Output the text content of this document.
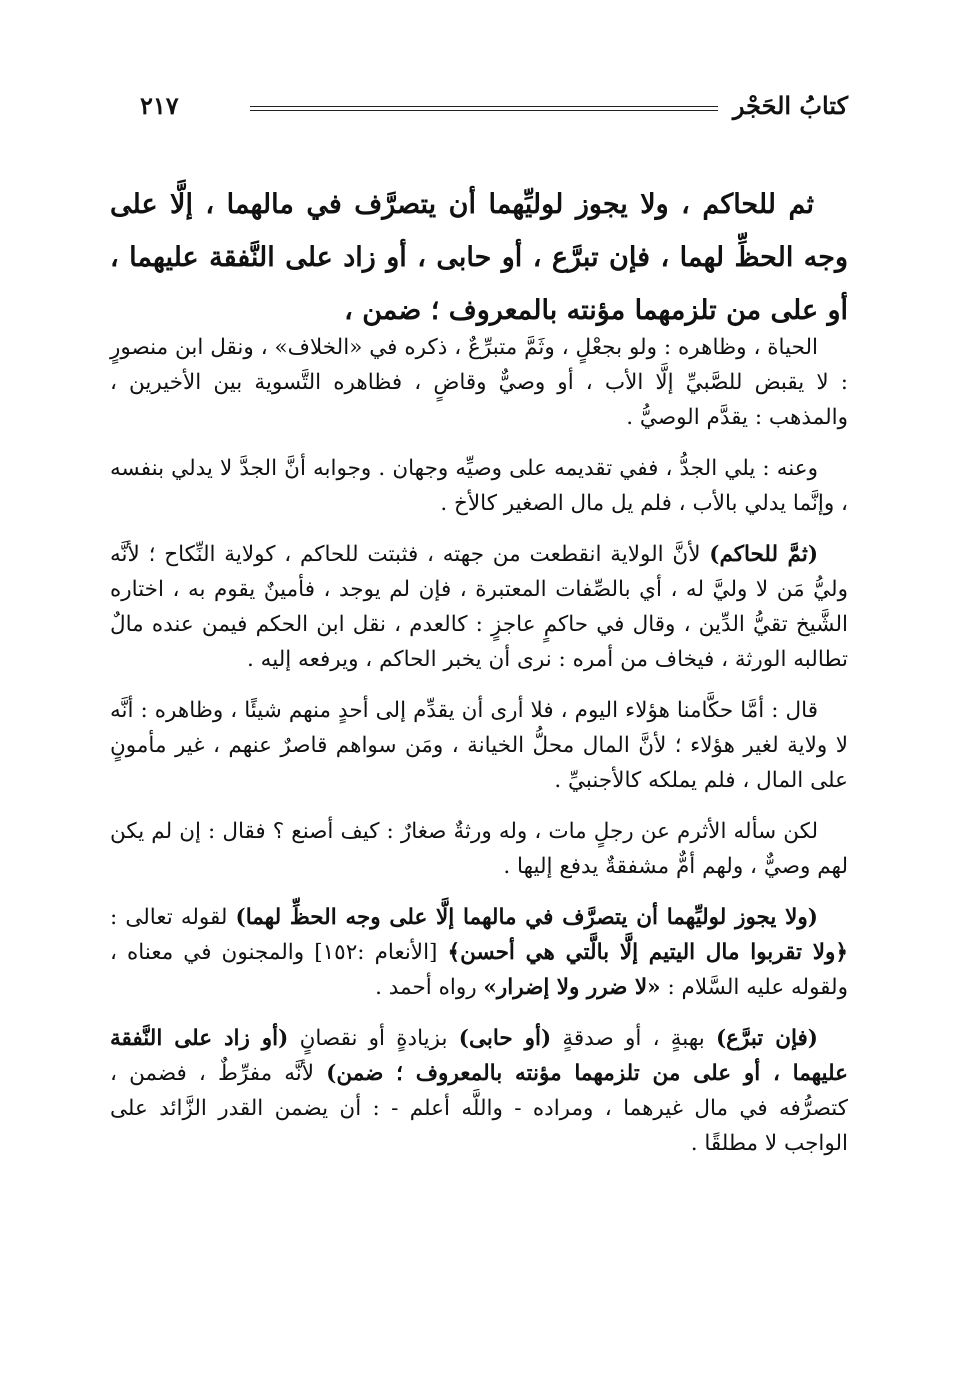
كتابُ الحَجْر
٢١٧

ثم للحاكم ، ولا يجوز لوليِّهما أن يتصرَّف في مالهما ، إلَّا على وجه الحظِّ لهما ، فإن تبرَّع ، أو حابى ، أو زاد على النَّفقة عليهما ، أو على من تلزمهما مؤنته بالمعروف ؛ ضمن ،

الحياة ، وظاهره : ولو بجعْلٍ ، وثَمَّ متبرِّعٌ ، ذكره في «الخلاف» ، ونقل ابن منصورٍ : لا يقبض للصَّبيِّ إلَّا الأب ، أو وصيٌّ وقاضٍ ، فظاهره التَّسوية بين الأخيرين ، والمذهب : يقدَّم الوصيُّ .

وعنه : يلي الجدُّ ، ففي تقديمه على وصيِّه وجهان . وجوابه أنَّ الجدَّ لا يدلي بنفسه ، وإنَّما يدلي بالأب ، فلم يل مال الصغير كالأخ .

(ثمَّ للحاكم) لأنَّ الولاية انقطعت من جهته ، فثبتت للحاكم ، كولاية النِّكاح ؛ لأنَّه وليُّ مَن لا وليَّ له ، أي بالصِّفات المعتبرة ، فإن لم يوجد ، فأمينٌ يقوم به ، اختاره الشَّيخ تقيُّ الدِّين ، وقال في حاكمٍ عاجزٍ : كالعدم ، نقل ابن الحكم فيمن عنده مالٌ تطالبه الورثة ، فيخاف من أمره : نرى أن يخبر الحاكم ، ويرفعه إليه .

قال : أمَّا حكَّامنا هؤلاء اليوم ، فلا أرى أن يقدِّم إلى أحدٍ منهم شيئًا ، وظاهره : أنَّه لا ولاية لغير هؤلاء ؛ لأنَّ المال محلُّ الخيانة ، ومَن سواهم قاصرٌ عنهم ، غير مأمونٍ على المال ، فلم يملكه كالأجنبيِّ .

لكن سأله الأثرم عن رجلٍ مات ، وله ورثةٌ صغارٌ : كيف أصنع ؟ فقال : إن لم يكن لهم وصيٌّ ، ولهم أمٌّ مشفقةٌ يدفع إليها .

(ولا يجوز لوليِّهما أن يتصرَّف في مالهما إلَّا على وجه الحظِّ لهما) لقوله تعالى : ﴿ولا تقربوا مال اليتيم إلَّا بالَّتي هي أحسن﴾ [الأنعام :١٥٢] والمجنون في معناه ، ولقوله عليه السَّلام : «لا ضرر ولا إضرار» رواه أحمد .

(فإن تبرَّع) بهبةٍ ، أو صدقةٍ (أو حابى) بزيادةٍ أو نقصانٍ (أو زاد على النَّفقة عليهما ، أو على من تلزمهما مؤنته بالمعروف ؛ ضمن) لأنَّه مفرِّطٌ ، فضمن ، كتصرُّفه في مال غيرهما ، ومراده - واللَّه أعلم - : أن يضمن القدر الزَّائد على الواجب لا مطلقًا .
